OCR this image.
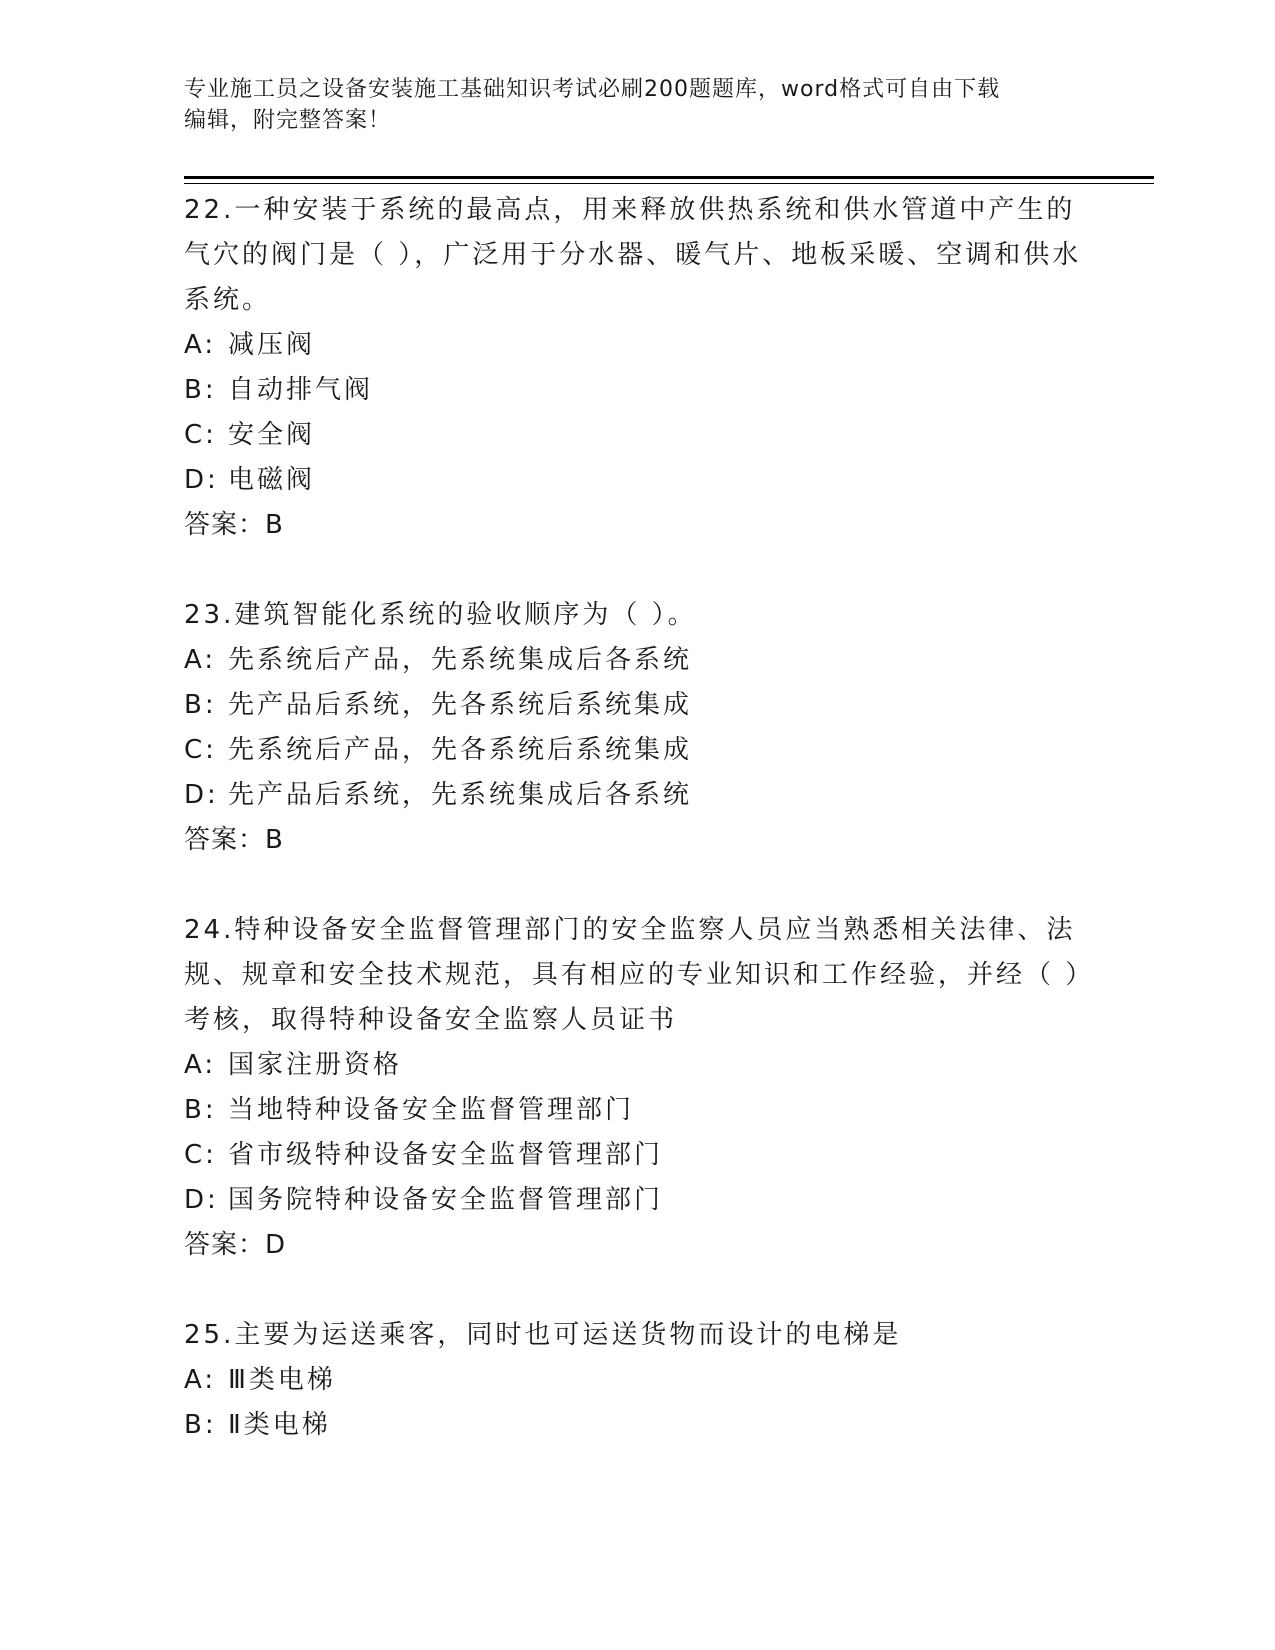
专业施工员之设备安装施工基础知识考试必刷200题题库，word格式可自由下载
编辑，附完整答案！
22.一种安装于系统的最高点，用来释放供热系统和供水管道中产生的气穴的阀门是（ ），广泛用于分水器、暖气片、地板采暖、空调和供水系统。
A: 减压阀
B: 自动排气阀
C: 安全阀
D: 电磁阀
答案：B
23.建筑智能化系统的验收顺序为（ ）。
A: 先系统后产品，先系统集成后各系统
B: 先产品后系统，先各系统后系统集成
C: 先系统后产品，先各系统后系统集成
D: 先产品后系统，先系统集成后各系统
答案：B
24.特种设备安全监督管理部门的安全监察人员应当熟悉相关法律、法规、规章和安全技术规范，具有相应的专业知识和工作经验，并经（ ）考核，取得特种设备安全监察人员证书
A: 国家注册资格
B: 当地特种设备安全监督管理部门
C: 省市级特种设备安全监督管理部门
D: 国务院特种设备安全监督管理部门
答案：D
25.主要为运送乘客，同时也可运送货物而设计的电梯是
A: Ⅲ类电梯
B: Ⅱ类电梯
